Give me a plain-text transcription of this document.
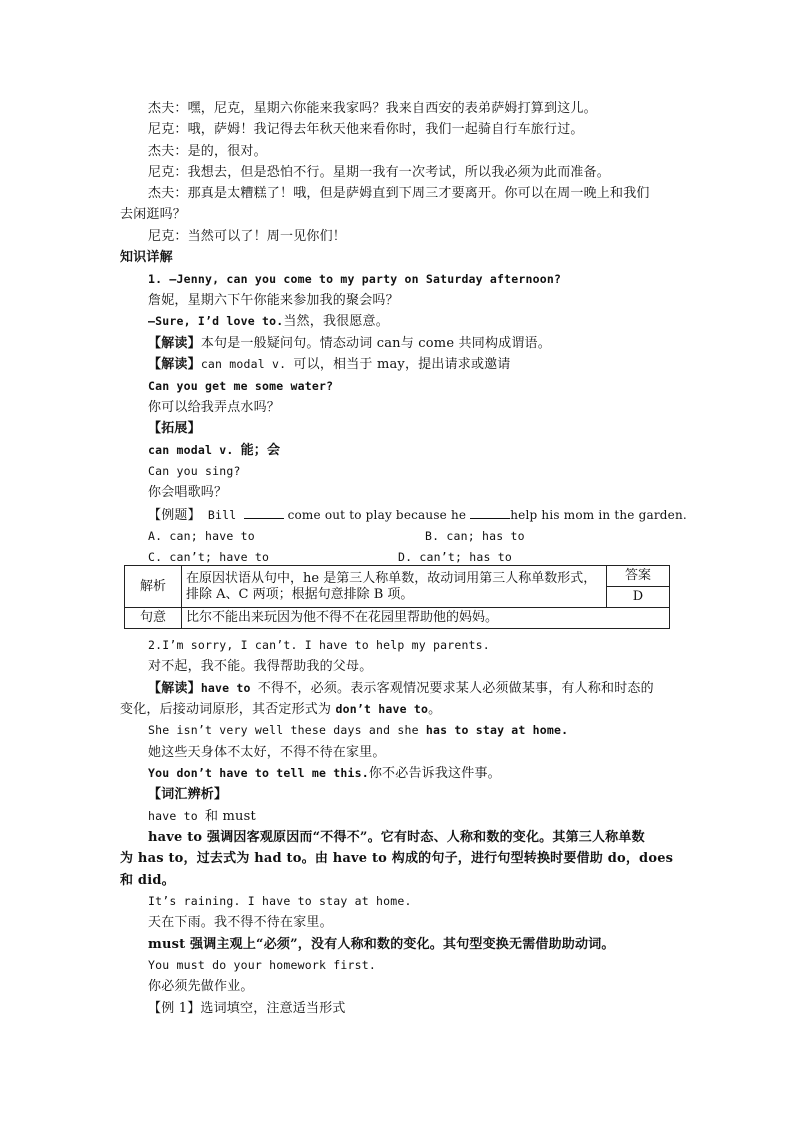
杰夫：嘿，尼克，星期六你能来我家吗？我来自西安的表弟萨姆打算到这儿。
尼克：哦，萨姆！我记得去年秋天他来看你时，我们一起骑自行车旅行过。
杰夫：是的，很对。
尼克：我想去，但是恐怕不行。星期一我有一次考试，所以我必须为此而准备。
杰夫：那真是太糟糕了！哦，但是萨姆直到下周三才要离开。你可以在周一晚上和我们
去闲逛吗？
尼克：当然可以了！周一见你们！
知识详解
1. —Jenny, can you come to my party on Saturday afternoon?
詹妮，星期六下午你能来参加我的聚会吗？
—Sure, I’d love to.当然，我很愿意。
【解读】本句是一般疑问句。情态动词 can与 come 共同构成谓语。
【解读】can modal v. 可以，相当于 may，提出请求或邀请
Can you get me some water?
你可以给我弄点水吗？
【拓展】
can modal v. 能；会
Can you sing?
你会唱歌吗？
【例题】 Bill	come out to play because he	help his mom in the garden.
A. can; have to	B. can; has to
C. can’t; have to	D. can’t; has to
解析	在原因状语从句中，he 是第三人称单数，故动词用第三人称单数形式，排除 A、C 两项；根据句意排除 B 项。	答案
		D
句意	比尔不能出来玩因为他不得不在花园里帮助他的妈妈。	
2.I’m sorry, I can’t. I have to help my parents.
对不起，我不能。我得帮助我的父母。
【解读】have to 不得不，必须。表示客观情况要求某人必须做某事，有人称和时态的
变化，后接动词原形，其否定形式为 don’t have to。
She isn’t very well these days and she has to stay at home.
她这些天身体不太好，不得不待在家里。
You don’t have to tell me this.你不必告诉我这件事。
【词汇辨析】
have to 和 must
have to 强调因客观原因而“不得不”。它有时态、人称和数的变化。其第三人称单数
为 has to，过去式为 had to。由 have to 构成的句子，进行句型转换时要借助 do，does
和 did。
It’s raining. I have to stay at home.
天在下雨。我不得不待在家里。
must 强调主观上“必须”，没有人称和数的变化。其句型变换无需借助助动词。
You must do your homework first.
你必须先做作业。
【例 1】选词填空，注意适当形式
